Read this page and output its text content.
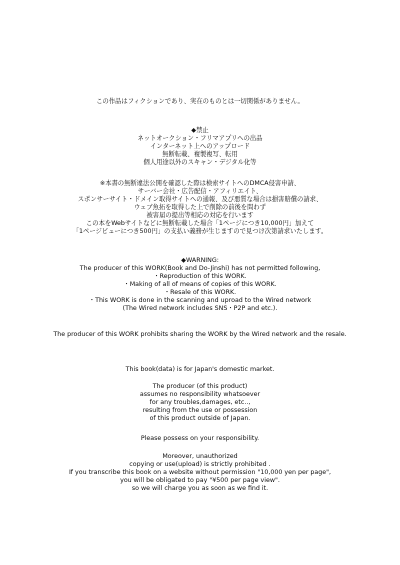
この作品はフィクションであり、実在のものとは一切関係がありません。
◆禁止
ネットオークション・フリマアプリへの出品
インターネット上へのアップロード
無断転載、複製複写、転用
個人用途以外のスキャン・デジタル化等
※本書の無断違法公開を確認した際は検索サイトへのDMCA侵害申請、
サーバー会社・広告配信・アフィリエイト、
スポンサーサイト・ドメイン取得サイトへの通報、及び悪質な場合は損害賠償の請求、
ウェブ魚拓を取得した上で削除の前後を問わず
被害届の提出等相応の対応を行います
この本をWebサイトなどに無断転載した場合「1ページにつき10,000円」加えて
「1ページビューにつき500円」の支払い義務が生じますので見つけ次第請求いたします。
◆WARNING:
The producer of this WORK(Book and Do-Jinshi) has not permitted following,
・Reproduction of this WORK.
・Making of all of means of copies of this WORK.
・Resale of this WORK.
・This WORK is done in the scanning and uproad to the Wired network
(The Wired network includes SNS・P2P and etc.).
The producer of this WORK prohibits sharing the WORK by the Wired network and the resale.
This book(data) is for Japan's domestic market.
The producer (of this product)
assumes no responsibility whatsoever
for any troubles,damages, etc..,
resulting from the use or possession
of this product outside of Japan.
Please possess on your responsibility.
Moreover, unauthorized
copying or use(upload) is strictly prohibited .
If you transcribe this book on a website without permission "10,000 yen per page",
you will be obligated to pay "¥500 per page view".
so we will charge you as soon as we find it.
